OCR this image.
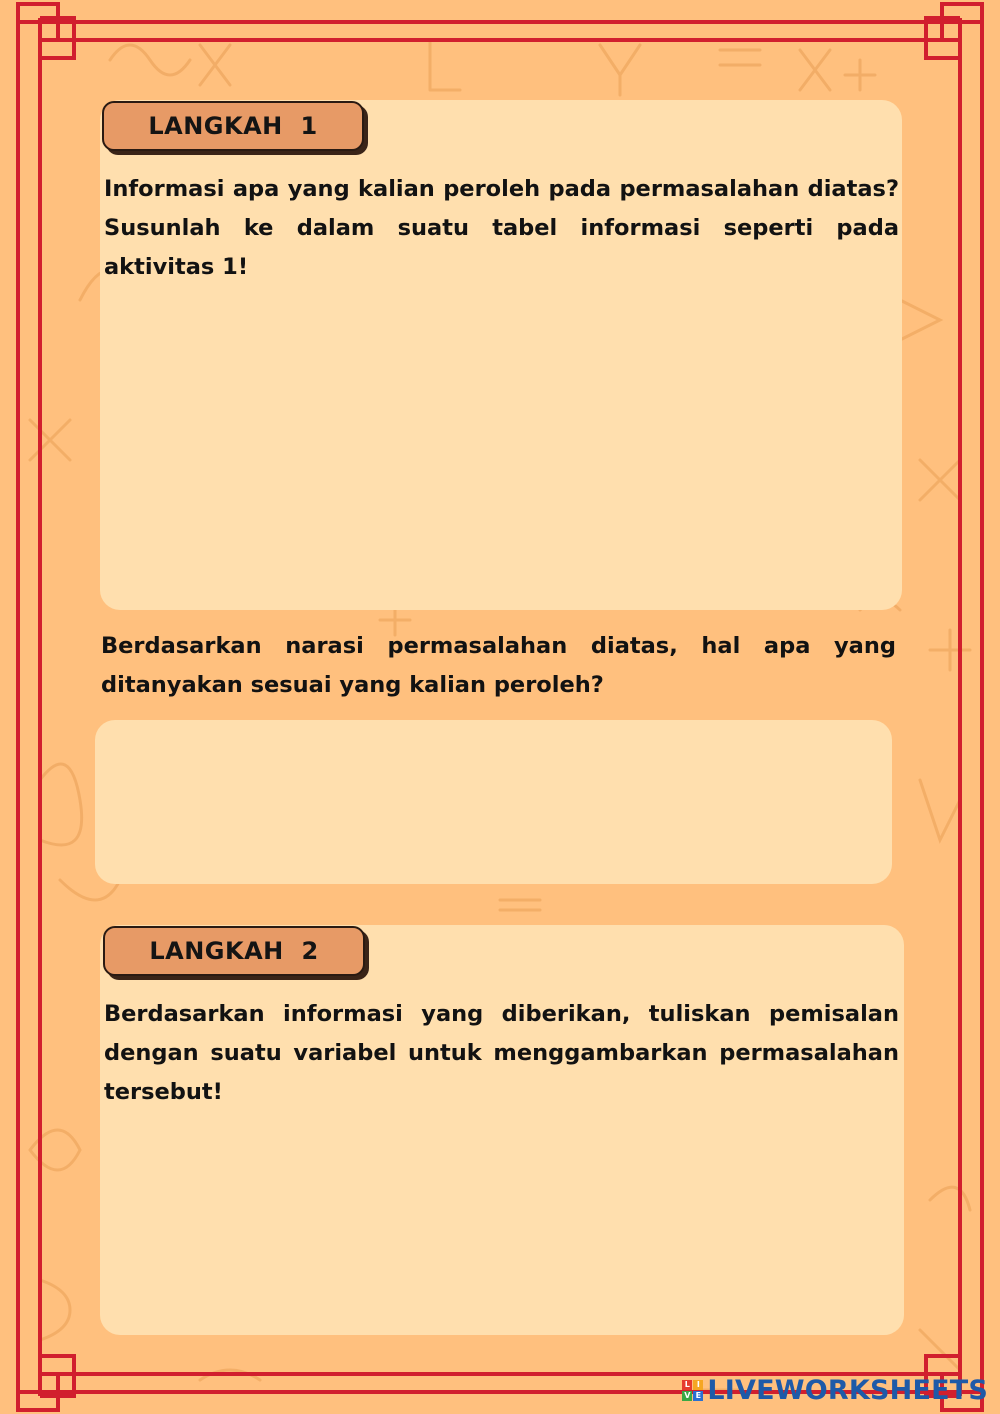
LANGKAH  1

Informasi apa yang kalian peroleh pada permasalahan diatas? Susunlah ke dalam suatu tabel informasi seperti pada aktivitas 1!

Berdasarkan narasi permasalahan diatas, hal apa yang ditanyakan sesuai yang kalian peroleh?

LANGKAH  2

Berdasarkan informasi yang diberikan, tuliskan pemisalan dengan suatu variabel untuk menggambarkan permasalahan tersebut!

L I
V E LIVEWORKSHEETS
